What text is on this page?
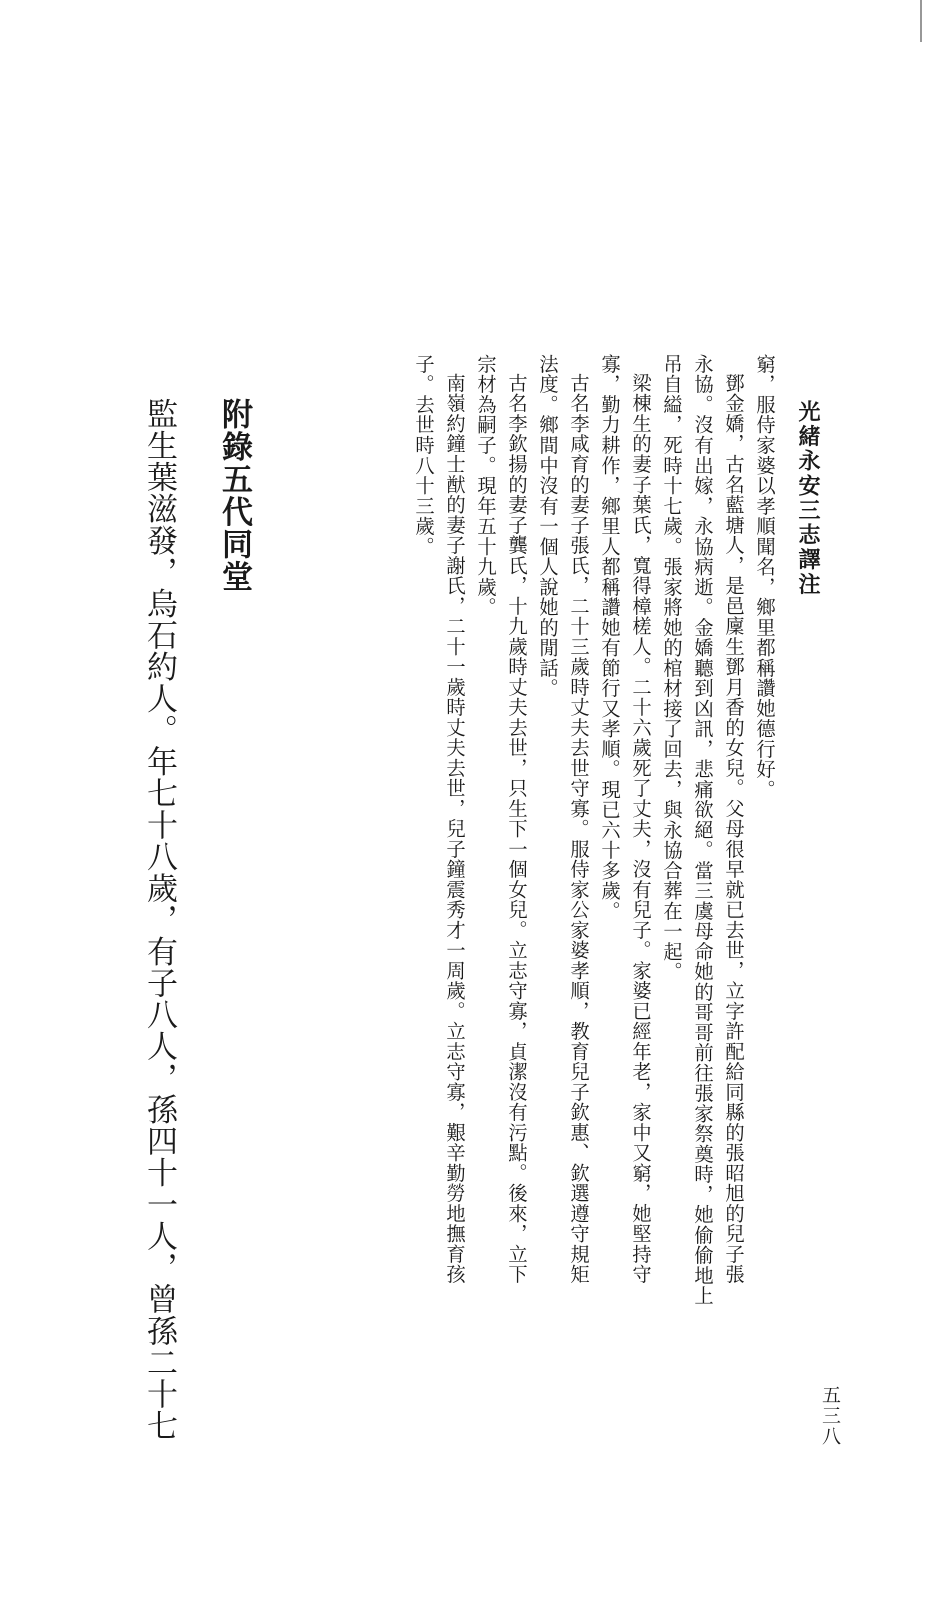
光緒永安三志譯注
五三八

窮，服侍家婆以孝順聞名，鄉里都稱讚她德行好。

鄧金嬌，古名藍塘人，是邑廩生鄧月香的女兒。父母很早就已去世，立字許配給同縣的張昭旭的兒子張

永協。沒有出嫁，永協病逝。金嬌聽到凶訊，悲痛欲絕。當三虞母命她的哥哥前往張家祭奠時，她偷偷地上

吊自縊，死時十七歲。張家將她的棺材接了回去，與永協合葬在一起。

梁棟生的妻子葉氏，寬得樟槎人。二十六歲死了丈夫，沒有兒子。家婆已經年老，家中又窮，她堅持守

寡，勤力耕作，鄉里人都稱讚她有節行又孝順。現已六十多歲。

古名李咸育的妻子張氏，二十三歲時丈夫去世守寡。服侍家公家婆孝順，教育兒子欽惠、欽選遵守規矩

法度。鄉間中沒有一個人說她的閒話。

古名李欽揚的妻子龔氏，十九歲時丈夫去世，只生下一個女兒。立志守寡，貞潔沒有污點。後來，立下

宗材為嗣子。現年五十九歲。

南嶺約鐘士猷的妻子謝氏，二十一歲時丈夫去世，兒子鐘震秀才一周歲。立志守寡，艱辛勤勞地撫育孩

子。去世時八十三歲。

附錄五代同堂
監生葉滋發，烏石約人。年七十八歲，有子八人，孫四十一人，曾孫二十七
